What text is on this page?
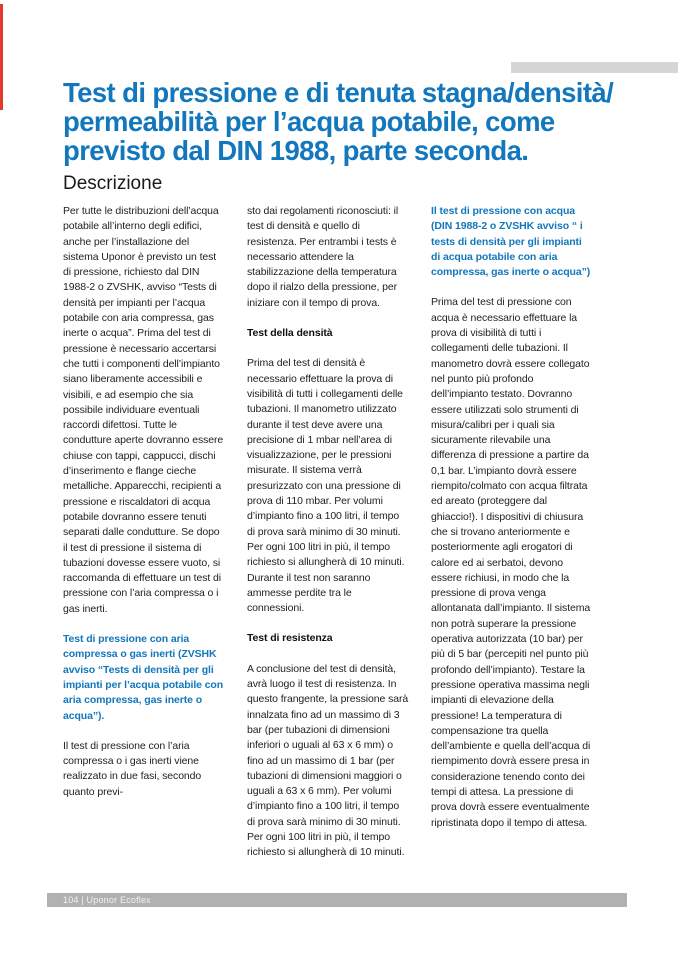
Test di pressione e di tenuta stagna/densità/
permeabilità per l’acqua potabile, come
previsto dal DIN 1988, parte seconda.
Descrizione

Per tutte le distribuzioni dell’acqua potabile all’interno degli edifici, anche per l’installazione del sistema Uponor è previsto un test di pressione, richiesto dal DIN 1988-2 o ZVSHK, avviso “Tests di densità per impianti per l’acqua potabile con aria compressa, gas inerte o acqua”. Prima del test di pressione è necessario accertarsi che tutti i componenti dell’impianto siano liberamente accessibili e visibili, e ad esempio che sia possibile individuare eventuali raccordi difettosi. Tutte le condutture aperte dovranno essere chiuse con tappi, cappucci, dischi d’inserimento e flange cieche metalliche. Apparecchi, recipienti a pressione e riscaldatori di acqua potabile dovranno essere tenuti separati dalle condutture. Se dopo il test di pressione il sistema di tubazioni dovesse essere vuoto, si raccomanda di effettuare un test di pressione con l’aria compressa o i gas inerti.

Test di pressione con aria compressa o gas inerti (ZVSHK avviso “Tests di densità per gli impianti per l’acqua potabile con aria compressa, gas inerte o acqua”).

Il test di pressione con l’aria compressa o i gas inerti viene realizzato in due fasi, secondo quanto previ-

sto dai regolamenti riconosciuti: il test di densità e quello di resistenza. Per entrambi i tests è necessario attendere la stabilizzazione della temperatura dopo il rialzo della pressione, per iniziare con il tempo di prova.

Test della densità

Prima del test di densità è necessario effettuare la prova di visibilità di tutti i collegamenti delle tubazioni. Il manometro utilizzato durante il test deve avere una precisione di 1 mbar nell’area di visualizzazione, per le pressioni misurate. Il sistema verrà presurizzato con una pressione di prova di 110 mbar. Per volumi d’impianto fino a 100 litri, il tempo di prova sarà minimo di 30 minuti. Per ogni 100 litri in più, il tempo richiesto si allungherà di 10 minuti. Durante il test non saranno ammesse perdite tra le connessioni.

Test di resistenza

A conclusione del test di densità, avrà luogo il test di resistenza. In questo frangente, la pressione sarà innalzata fino ad un massimo di 3 bar (per tubazioni di dimensioni inferiori o uguali al 63 x 6 mm) o fino ad un massimo di 1 bar (per tubazioni di dimensioni maggiori o uguali a 63 x 6 mm). Per volumi d’impianto fino a 100 litri, il tempo di prova sarà minimo di 30 minuti. Per ogni 100 litri in più, il tempo richiesto si allungherà di 10 minuti.

Il test di pressione con acqua (DIN 1988-2 o ZVSHK avviso “ i tests di densità per gli impianti di acqua potabile con aria compressa, gas inerte o acqua”)

Prima del test di pressione con acqua è necessario effettuare la prova di visibilità di tutti i collegamenti delle tubazioni. Il manometro dovrà essere collegato nel punto più profondo dell’impianto testato. Dovranno essere utilizzati solo strumenti di misura/calibri per i quali sia sicuramente rilevabile una differenza di pressione a partire da 0,1 bar. L’impianto dovrà essere riempito/colmato con acqua filtrata ed areato (proteggere dal ghiaccio!). I dispositivi di chiusura che si trovano anteriormente e posteriormente agli erogatori di calore ed ai serbatoi, devono essere richiusi, in modo che la pressione di prova venga allontanata dall’impianto. Il sistema non potrà superare la pressione operativa autorizzata (10 bar) per più di 5 bar (percepiti nel punto più profondo dell’impianto). Testare la pressione operativa massima negli impianti di elevazione della pressione! La temperatura di compensazione tra quella dell’ambiente e quella dell’acqua di riempimento dovrà essere presa in considerazione tenendo conto dei tempi di attesa. La pressione di prova dovrà essere eventualmente ripristinata dopo il tempo di attesa.

104 | Uponor Ecoflex
